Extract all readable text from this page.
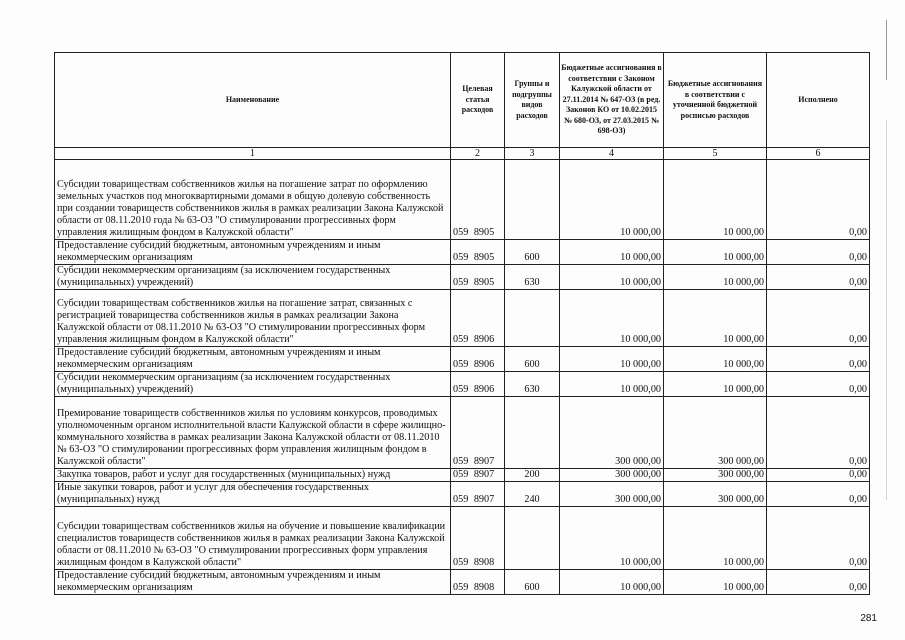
Наименование	Целевая статья расходов	Группы и подгруппы видов расходов	Бюджетные ассигнования в соответствии с Законом Калужской области от 27.11.2014 № 647-ОЗ (в ред. Законов КО от 10.02.2015 № 680-ОЗ, от 27.03.2015 № 698-ОЗ)	Бюджетные ассигнования в соответствии с уточненной бюджетной росписью расходов	Исполнено
1	2	3	4	5	6
Субсидии товариществам собственников жилья на погашение затрат по оформлению земельных участков под многоквартирными домами в общую долевую собственность при создании товариществ собственников жилья в рамках реализации Закона Калужской области от 08.11.2010 года № 63-ОЗ "О стимулировании прогрессивных форм управления жилищным фондом в Калужской области"	059 8905		10 000,00	10 000,00	0,00
Предоставление субсидий бюджетным, автономным учреждениям и иным некоммерческим организациям	059 8905	600	10 000,00	10 000,00	0,00
Субсидии некоммерческим организациям (за исключением государственных (муниципальных) учреждений)	059 8905	630	10 000,00	10 000,00	0,00
Субсидии товариществам собственников жилья на погашение затрат, связанных с регистрацией товарищества собственников жилья в рамках реализации Закона Калужской области от 08.11.2010 № 63-ОЗ "О стимулировании прогрессивных форм управления жилищным фондом в Калужской области"	059 8906		10 000,00	10 000,00	0,00
Предоставление субсидий бюджетным, автономным учреждениям и иным некоммерческим организациям	059 8906	600	10 000,00	10 000,00	0,00
Субсидии некоммерческим организациям (за исключением государственных (муниципальных) учреждений)	059 8906	630	10 000,00	10 000,00	0,00
Премирование товариществ собственников жилья по условиям конкурсов, проводимых уполномоченным органом исполнительной власти Калужской области в сфере жилищно-коммунального хозяйства в рамках реализации Закона Калужской области от 08.11.2010 № 63-ОЗ "О стимулировании прогрессивных форм управления жилищным фондом в Калужской области"	059 8907		300 000,00	300 000,00	0,00
Закупка товаров, работ и услуг для государственных (муниципальных) нужд	059 8907	200	300 000,00	300 000,00	0,00
Иные закупки товаров, работ и услуг для обеспечения государственных (муниципальных) нужд	059 8907	240	300 000,00	300 000,00	0,00
Субсидии товариществам собственников жилья на обучение и повышение квалификации специалистов товариществ собственников жилья в рамках реализации Закона Калужской области от 08.11.2010 № 63-ОЗ "О стимулировании прогрессивных форм управления жилищным фондом в Калужской области"	059 8908		10 000,00	10 000,00	0,00
Предоставление субсидий бюджетным, автономным учреждениям и иным некоммерческим организациям	059 8908	600	10 000,00	10 000,00	0,00
281
